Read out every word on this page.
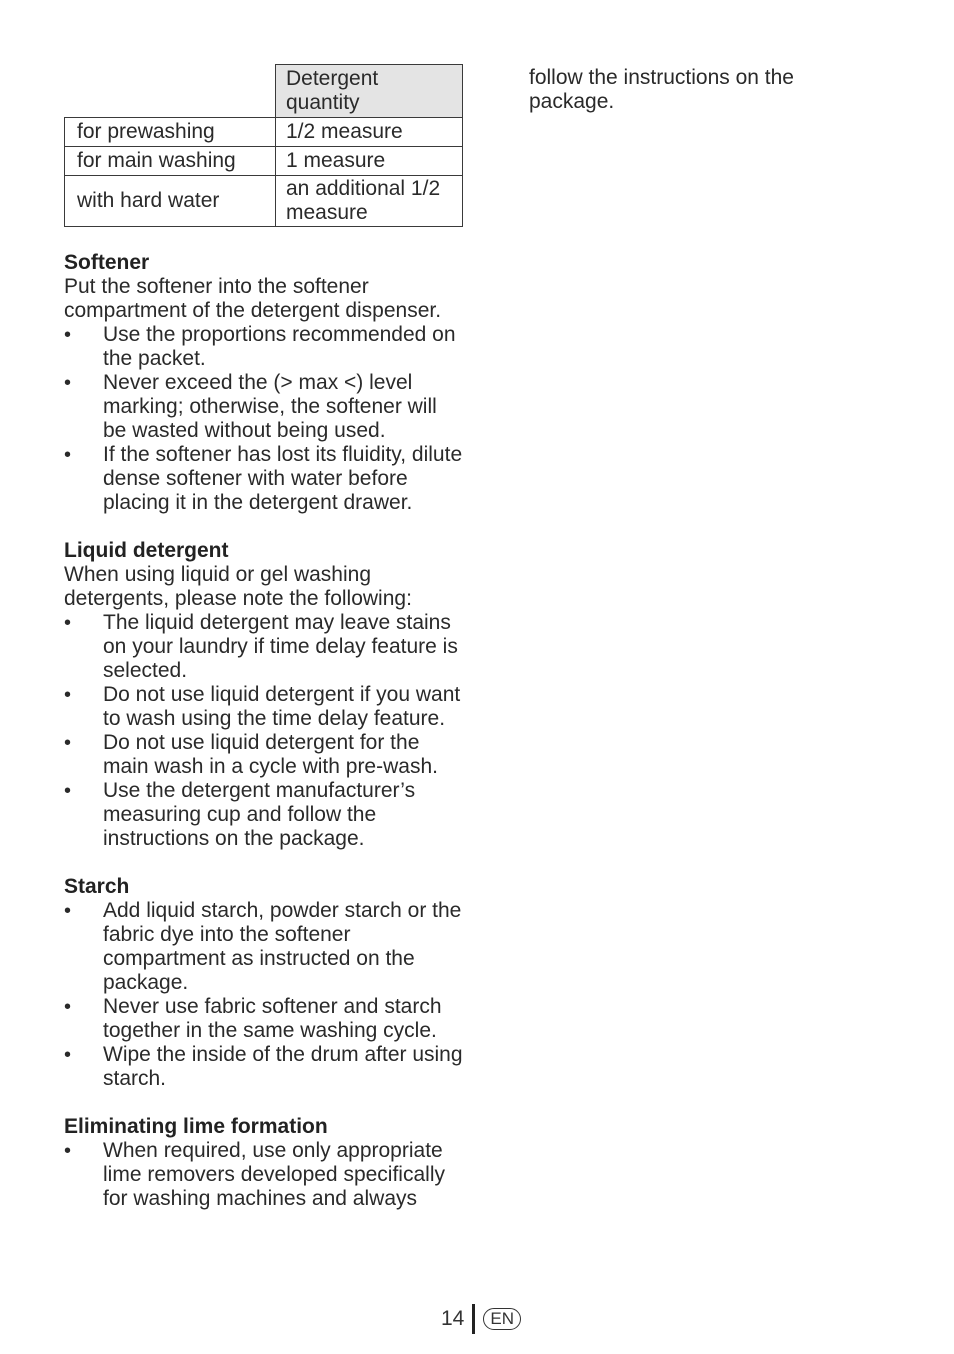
	Detergent quantity
for prewashing	1/2 measure
for main washing	1 measure
with hard water	an additional 1/2 measure
Softener

Put the softener into the softener compartment of the detergent dispenser.

• Use the proportions recommended on the packet.
• Never exceed the (> max <) level marking; otherwise, the softener will be wasted without being used.
• If the softener has lost its fluidity, dilute dense softener with water before placing it in the detergent drawer.
Liquid detergent

When using liquid or gel washing detergents, please note the following:

• The liquid detergent may leave stains on your laundry if time delay feature is selected.
• Do not use liquid detergent if you want to wash using the time delay feature.
• Do not use liquid detergent for the main wash in a cycle with pre-wash.
• Use the detergent manufacturer’s measuring cup and follow the instructions on the package.
Starch
• Add liquid starch, powder starch or the fabric dye into the softener compartment as instructed on the package.
• Never use fabric softener and starch together in the same washing cycle.
• Wipe the inside of the drum after using starch.
Eliminating lime formation
• When required, use only appropriate lime removers developed specifically for washing machines and always

follow the instructions on the package.

14	EN
